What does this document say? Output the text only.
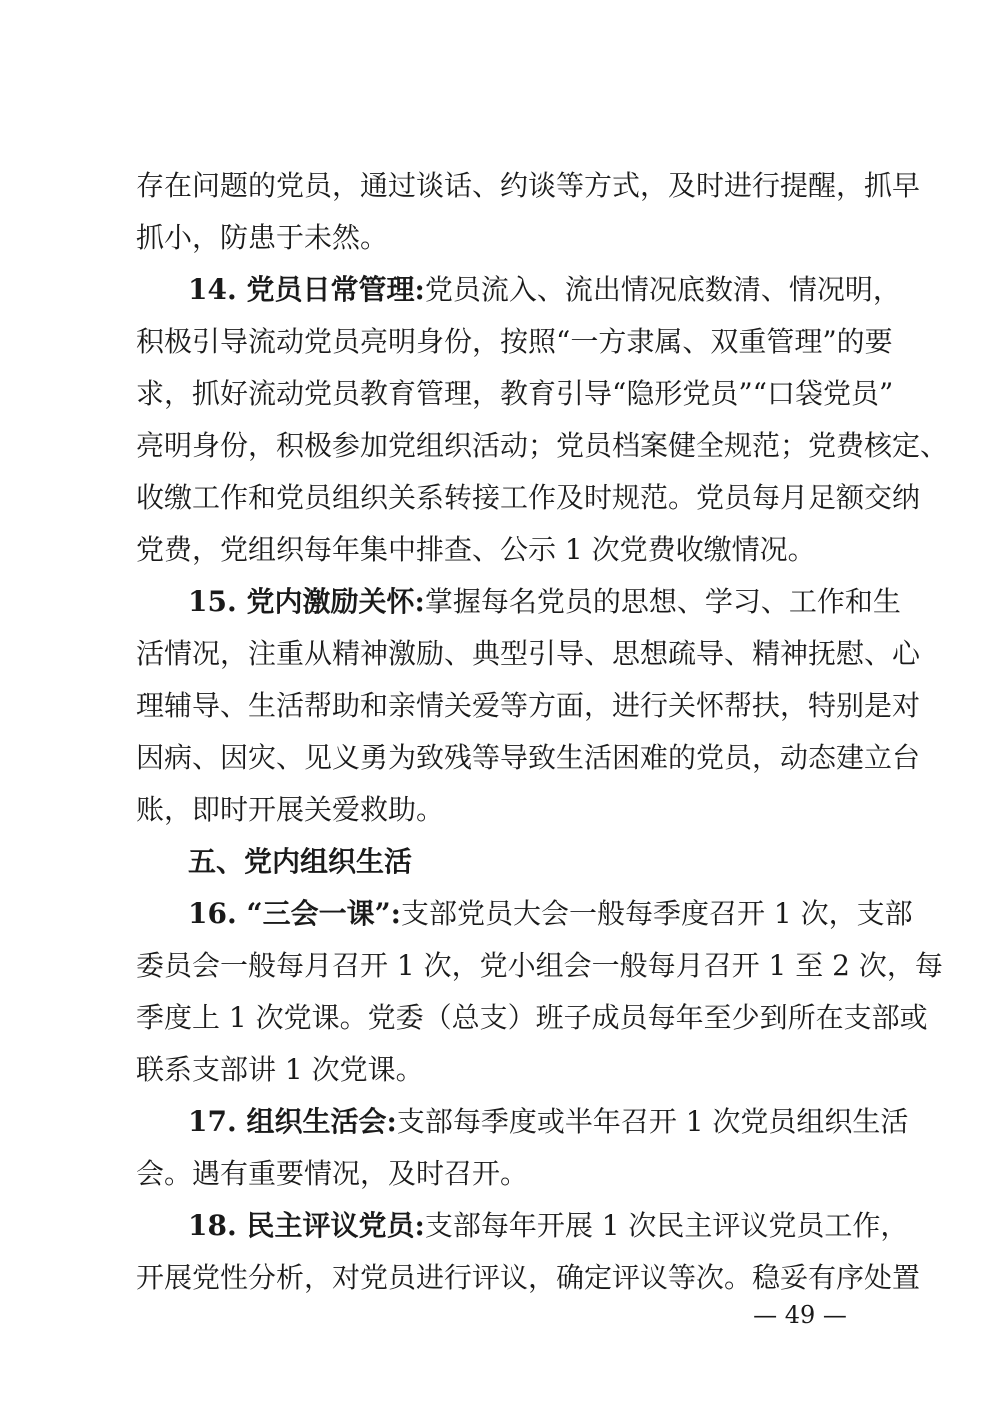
存在问题的党员，通过谈话、约谈等方式，及时进行提醒，抓早
抓小，防患于未然。
14. 党员日常管理:党员流入、流出情况底数清、情况明，
积极引导流动党员亮明身份，按照“一方隶属、双重管理”的要
求，抓好流动党员教育管理，教育引导“隐形党员”“口袋党员”
亮明身份，积极参加党组织活动；党员档案健全规范；党费核定、
收缴工作和党员组织关系转接工作及时规范。党员每月足额交纳
党费，党组织每年集中排查、公示 1 次党费收缴情况。
15. 党内激励关怀:掌握每名党员的思想、学习、工作和生
活情况，注重从精神激励、典型引导、思想疏导、精神抚慰、心
理辅导、生活帮助和亲情关爱等方面，进行关怀帮扶，特别是对
因病、因灾、见义勇为致残等导致生活困难的党员，动态建立台
账，即时开展关爱救助。
五、党内组织生活
16. “三会一课”:支部党员大会一般每季度召开 1 次，支部
委员会一般每月召开 1 次，党小组会一般每月召开 1 至 2 次，每
季度上 1 次党课。党委（总支）班子成员每年至少到所在支部或
联系支部讲 1 次党课。
17. 组织生活会:支部每季度或半年召开 1 次党员组织生活
会。遇有重要情况，及时召开。
18. 民主评议党员:支部每年开展 1 次民主评议党员工作，
开展党性分析，对党员进行评议，确定评议等次。稳妥有序处置
— 49 —
